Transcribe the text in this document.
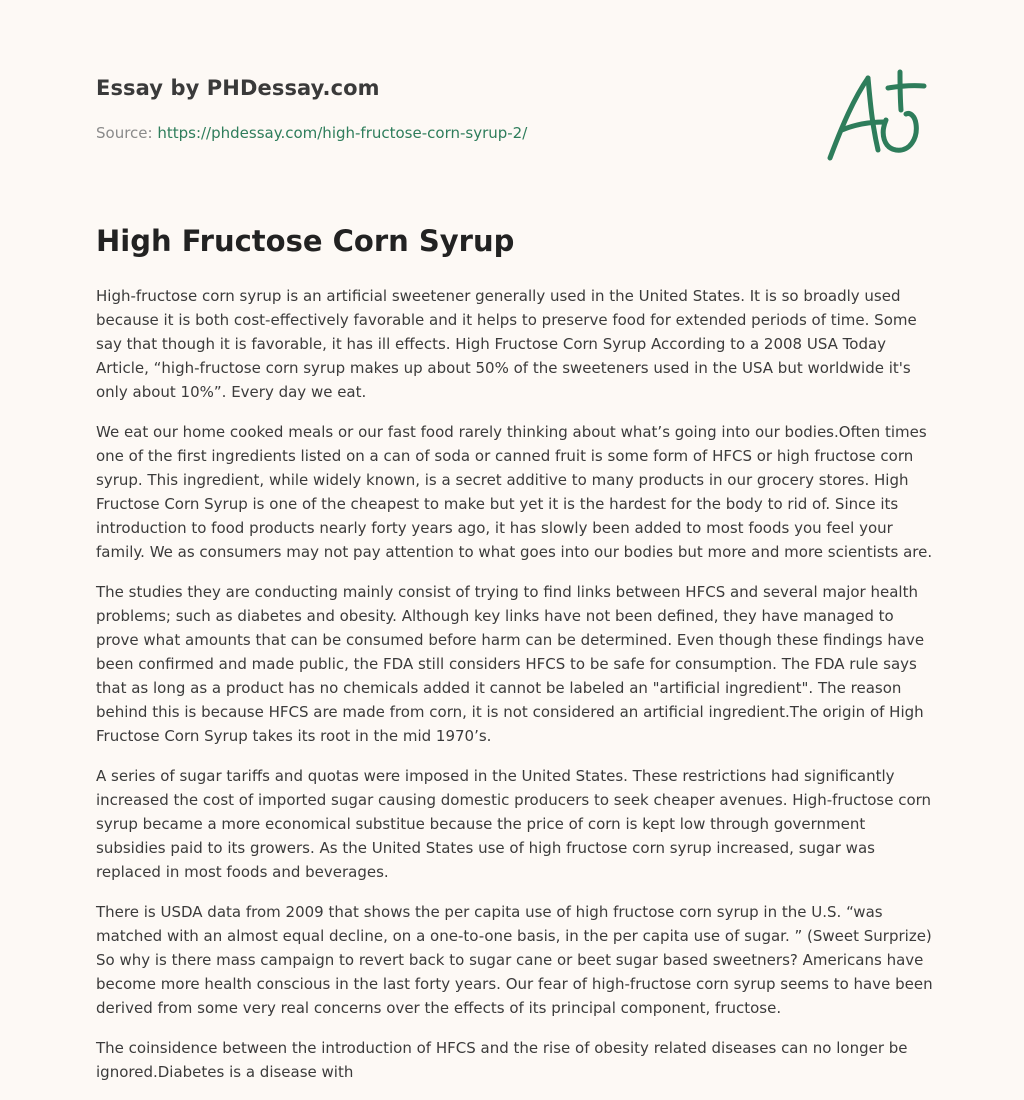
Essay by PHDessay.com
Source: https://phdessay.com/high-fructose-corn-syrup-2/
High Fructose Corn Syrup

High-fructose corn syrup is an artificial sweetener generally used in the United States. It is so broadly used because it is both cost-effectively favorable and it helps to preserve food for extended periods of time. Some say that though it is favorable, it has ill effects. High Fructose Corn Syrup According to a 2008 USA Today Article, “high-fructose corn syrup makes up about 50% of the sweeteners used in the USA but worldwide it's only about 10%”. Every day we eat.

We eat our home cooked meals or our fast food rarely thinking about what’s going into our bodies.Often times one of the first ingredients listed on a can of soda or canned fruit is some form of HFCS or high fructose corn syrup. This ingredient, while widely known, is a secret additive to many products in our grocery stores. High Fructose Corn Syrup is one of the cheapest to make but yet it is the hardest for the body to rid of. Since its introduction to food products nearly forty years ago, it has slowly been added to most foods you feel your family. We as consumers may not pay attention to what goes into our bodies but more and more scientists are.

The studies they are conducting mainly consist of trying to find links between HFCS and several major health problems; such as diabetes and obesity. Although key links have not been defined, they have managed to prove what amounts that can be consumed before harm can be determined. Even though these findings have been confirmed and made public, the FDA still considers HFCS to be safe for consumption. The FDA rule says that as long as a product has no chemicals added it cannot be labeled an "artificial ingredient". The reason behind this is because HFCS are made from corn, it is not considered an artificial ingredient.The origin of High Fructose Corn Syrup takes its root in the mid 1970’s.

A series of sugar tariffs and quotas were imposed in the United States. These restrictions had significantly increased the cost of imported sugar causing domestic producers to seek cheaper avenues. High-fructose corn syrup became a more economical substitue because the price of corn is kept low through government subsidies paid to its growers. As the United States use of high fructose corn syrup increased, sugar was replaced in most foods and beverages.

There is USDA data from 2009 that shows the per capita use of high fructose corn syrup in the U.S. “was matched with an almost equal decline, on a one-to-one basis, in the per capita use of sugar. ” (Sweet Surprize) So why is there mass campaign to revert back to sugar cane or beet sugar based sweetners? Americans have become more health conscious in the last forty years. Our fear of high-fructose corn syrup seems to have been derived from some very real concerns over the effects of its principal component, fructose.

The coinsidence between the introduction of HFCS and the rise of obesity related diseases can no longer be ignored.Diabetes is a disease with
